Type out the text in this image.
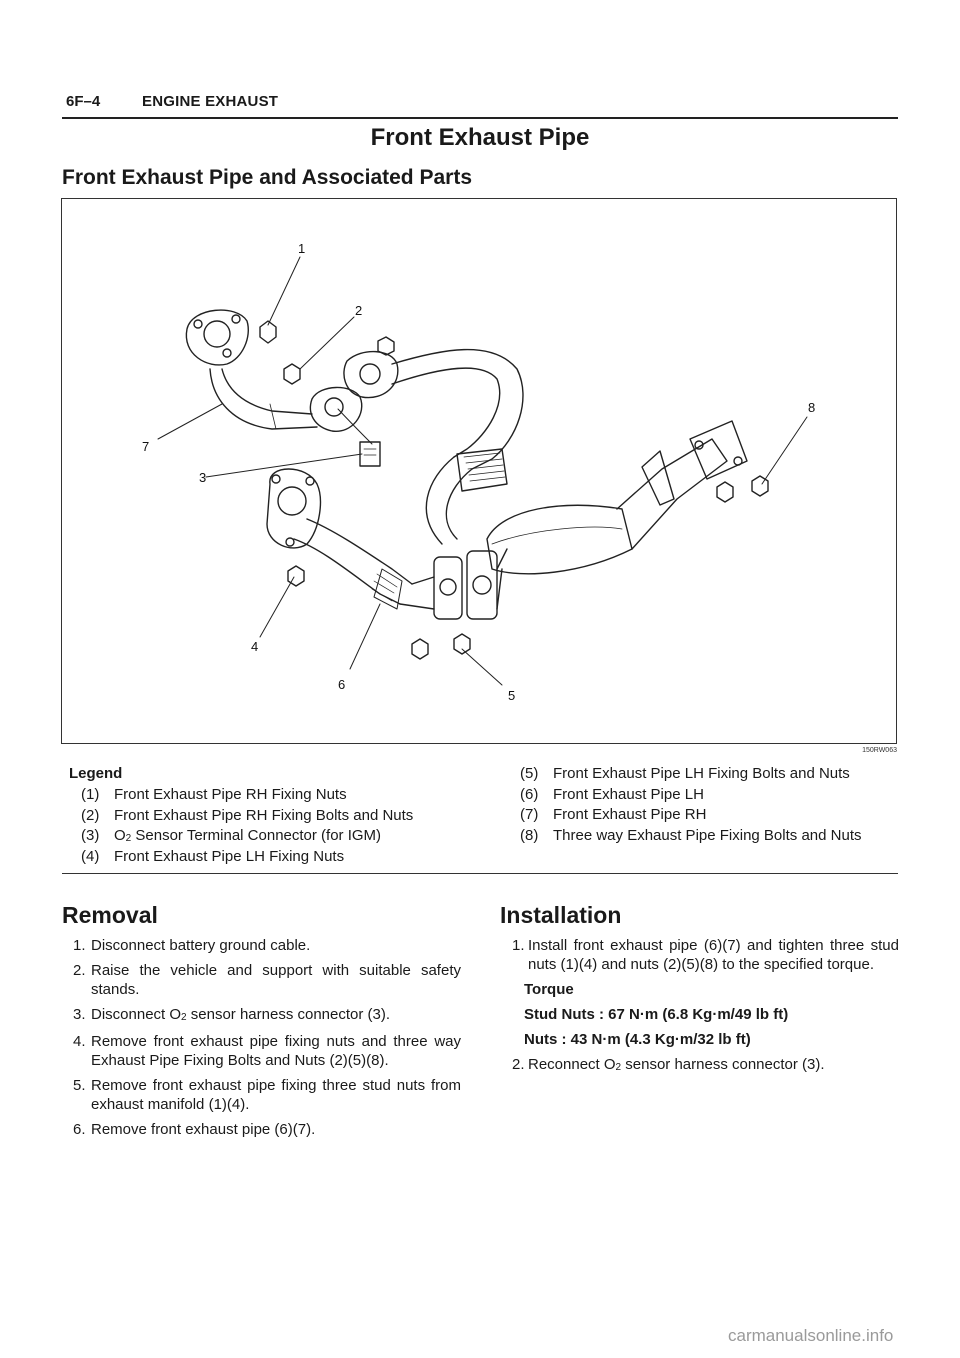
6F–4	ENGINE EXHAUST
Front Exhaust Pipe
Front Exhaust Pipe and Associated Parts
1
2
3
4
5
6
7
8
150RW063
Legend
(1) Front Exhaust Pipe RH Fixing Nuts
(2) Front Exhaust Pipe RH Fixing Bolts and Nuts
(3) $O_2$ Sensor Terminal Connector (for IGM)
(4) Front Exhaust Pipe LH Fixing Nuts
(5) Front Exhaust Pipe LH Fixing Bolts and Nuts
(6) Front Exhaust Pipe LH
(7) Front Exhaust Pipe RH
(8) Three way Exhaust Pipe Fixing Bolts and Nuts
Removal
1. Disconnect battery ground cable.
2. Raise the vehicle and support with suitable safety stands.
3. Disconnect $O_2$ sensor harness connector (3).
4. Remove front exhaust pipe fixing nuts and three way Exhaust Pipe Fixing Bolts and Nuts (2)(5)(8).
5. Remove front exhaust pipe fixing three stud nuts from exhaust manifold (1)(4).
6. Remove front exhaust pipe (6)(7).
Installation
1. Install front exhaust pipe (6)(7) and tighten three stud nuts (1)(4) and nuts (2)(5)(8) to the specified torque.
Torque
Stud Nuts : 67 N·m (6.8 Kg·m/49 lb ft)
Nuts : 43 N·m (4.3 Kg·m/32 lb ft)
2. Reconnect $O_2$ sensor harness connector (3).
carmanualsonline.info
